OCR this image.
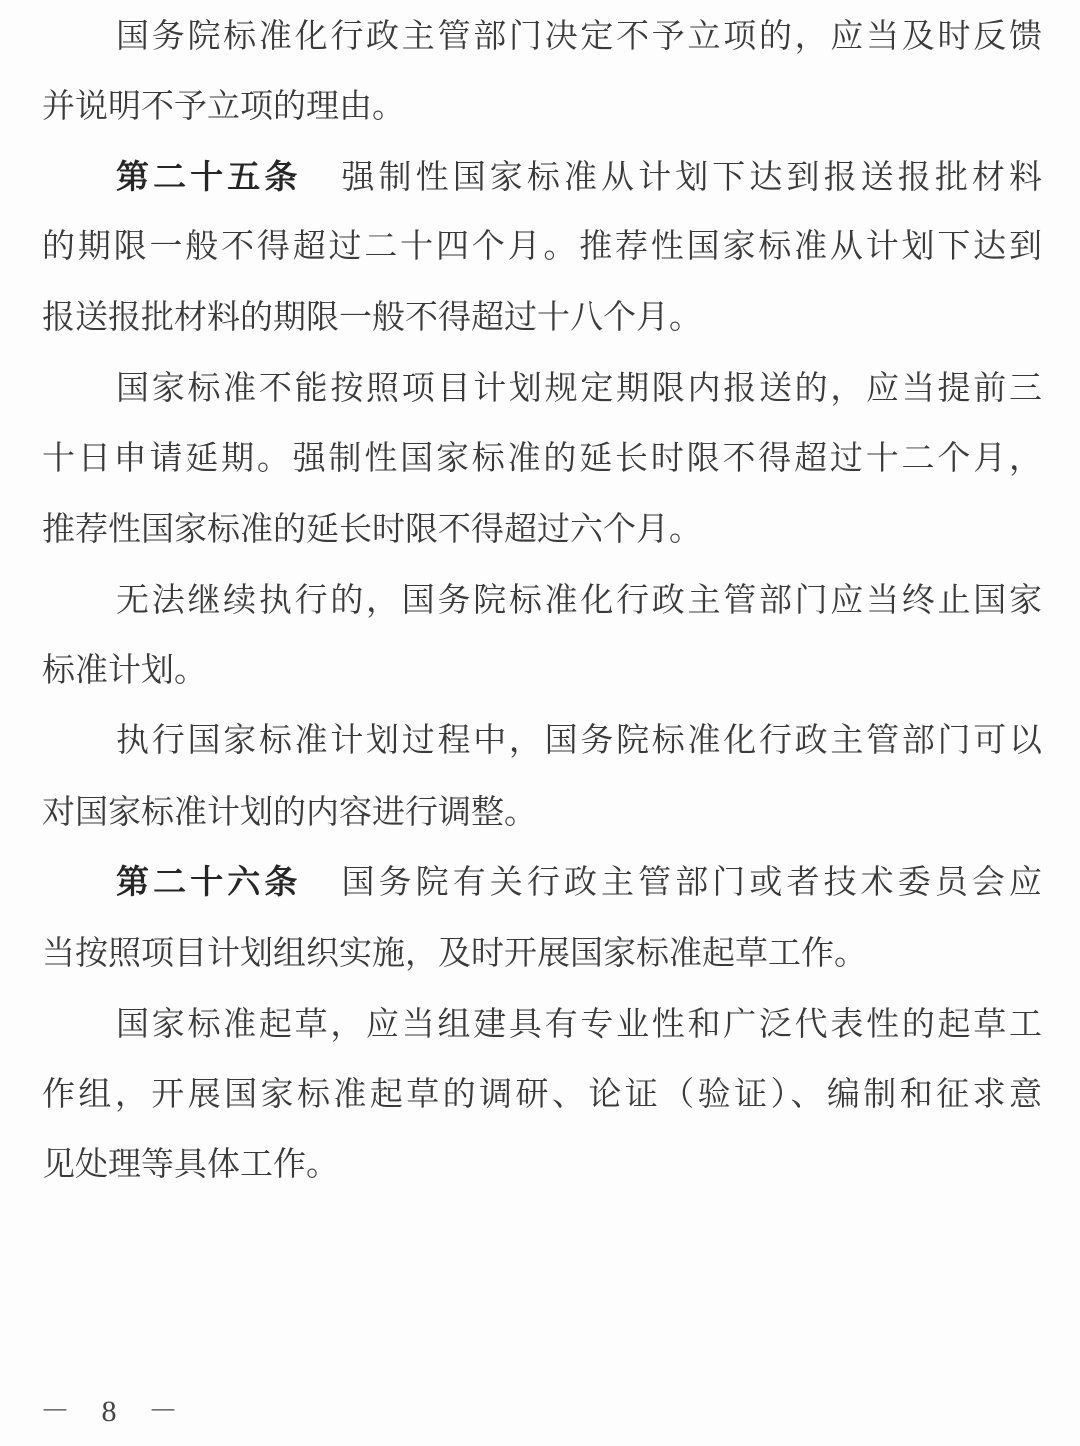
国务院标准化行政主管部门决定不予立项的，应当及时反馈
并说明不予立项的理由。
第二十五条 强制性国家标准从计划下达到报送报批材料
的期限一般不得超过二十四个月。推荐性国家标准从计划下达到
报送报批材料的期限一般不得超过十八个月。
国家标准不能按照项目计划规定期限内报送的，应当提前三
十日申请延期。强制性国家标准的延长时限不得超过十二个月，
推荐性国家标准的延长时限不得超过六个月。
无法继续执行的，国务院标准化行政主管部门应当终止国家
标准计划。
执行国家标准计划过程中，国务院标准化行政主管部门可以
对国家标准计划的内容进行调整。
第二十六条 国务院有关行政主管部门或者技术委员会应
当按照项目计划组织实施，及时开展国家标准起草工作。
国家标准起草，应当组建具有专业性和广泛代表性的起草工
作组，开展国家标准起草的调研、论证（验证）、编制和征求意
见处理等具体工作。
－ 8 －
